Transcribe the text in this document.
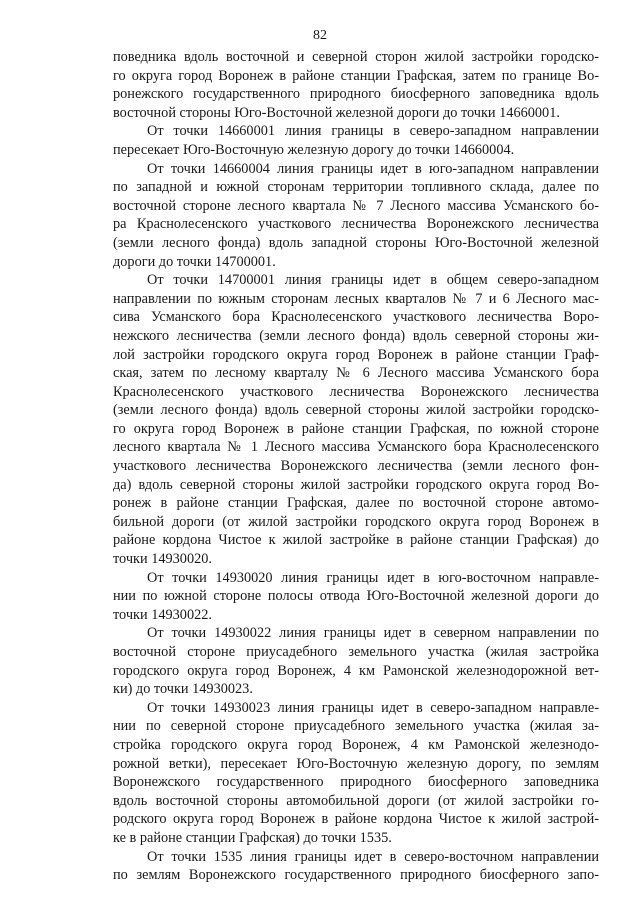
82
поведника вдоль восточной и северной сторон жилой застройки городско-
го округа город Воронеж в районе станции Графская, затем по границе Во-
ронежского государственного природного биосферного заповедника вдоль
восточной стороны Юго-Восточной железной дороги до точки 14660001.
От точки 14660001 линия границы в северо-западном направлении
пересекает Юго-Восточную железную дорогу до точки 14660004.
От точки 14660004 линия границы идет в юго-западном направлении
по западной и южной сторонам территории топливного склада, далее по
восточной стороне лесного квартала № 7 Лесного массива Усманского бо-
ра Краснолесенского участкового лесничества Воронежского лесничества
(земли лесного фонда) вдоль западной стороны Юго-Восточной железной
дороги до точки 14700001.
От точки 14700001 линия границы идет в общем северо-западном
направлении по южным сторонам лесных кварталов № 7 и 6 Лесного мас-
сива Усманского бора Краснолесенского участкового лесничества Воро-
нежского лесничества (земли лесного фонда) вдоль северной стороны жи-
лой застройки городского округа город Воронеж в районе станции Граф-
ская, затем по лесному кварталу № 6 Лесного массива Усманского бора
Краснолесенского участкового лесничества Воронежского лесничества
(земли лесного фонда) вдоль северной стороны жилой застройки городско-
го округа город Воронеж в районе станции Графская, по южной стороне
лесного квартала № 1 Лесного массива Усманского бора Краснолесенского
участкового лесничества Воронежского лесничества (земли лесного фон-
да) вдоль северной стороны жилой застройки городского округа город Во-
ронеж в районе станции Графская, далее по восточной стороне автомо-
бильной дороги (от жилой застройки городского округа город Воронеж в
районе кордона Чистое к жилой застройке в районе станции Графская) до
точки 14930020.
От точки 14930020 линия границы идет в юго-восточном направле-
нии по южной стороне полосы отвода Юго-Восточной железной дороги до
точки 14930022.
От точки 14930022 линия границы идет в северном направлении по
восточной стороне приусадебного земельного участка (жилая застройка
городского округа город Воронеж, 4 км Рамонской железнодорожной вет-
ки) до точки 14930023.
От точки 14930023 линия границы идет в северо-западном направле-
нии по северной стороне приусадебного земельного участка (жилая за-
стройка городского округа город Воронеж, 4 км Рамонской железнодо-
рожной ветки), пересекает Юго-Восточную железную дорогу, по землям
Воронежского государственного природного биосферного заповедника
вдоль восточной стороны автомобильной дороги (от жилой застройки го-
родского округа город Воронеж в районе кордона Чистое к жилой застрой-
ке в районе станции Графская) до точки 1535.
От точки 1535 линия границы идет в северо-восточном направлении
по землям Воронежского государственного природного биосферного запо-
